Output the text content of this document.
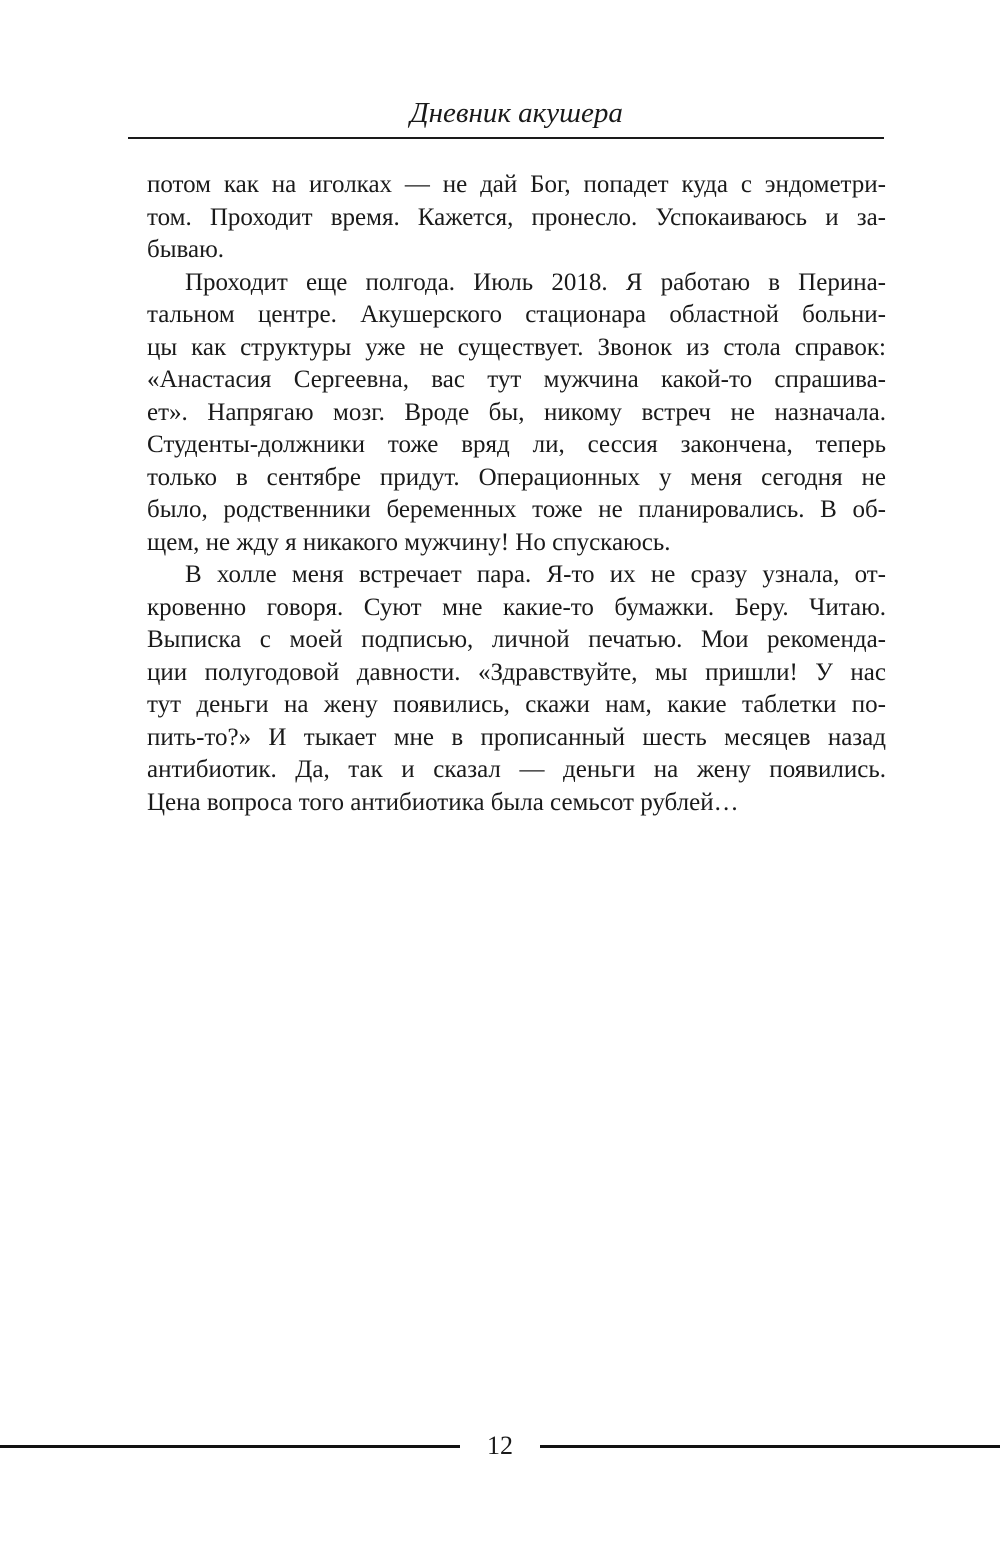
Дневник акушера
потом как на иголках — не дай Бог, попадет куда с эндометри-
том. Проходит время. Кажется, пронесло. Успокаиваюсь и за-
бываю.
Проходит еще полгода. Июль 2018. Я работаю в Перина-
тальном центре. Акушерского стационара областной больни-
цы как структуры уже не существует. Звонок из стола справок:
«Анастасия Сергеевна, вас тут мужчина какой-то спрашива-
ет». Напрягаю мозг. Вроде бы, никому встреч не назначала.
Студенты-должники тоже вряд ли, сессия закончена, теперь
только в сентябре придут. Операционных у меня сегодня не
было, родственники беременных тоже не планировались. В об-
щем, не жду я никакого мужчину! Но спускаюсь.
В холле меня встречает пара. Я-то их не сразу узнала, от-
кровенно говоря. Суют мне какие-то бумажки. Беру. Читаю.
Выписка с моей подписью, личной печатью. Мои рекоменда-
ции полугодовой давности. «Здравствуйте, мы пришли! У нас
тут деньги на жену появились, скажи нам, какие таблетки по-
пить-то?» И тыкает мне в прописанный шесть месяцев назад
антибиотик. Да, так и сказал — деньги на жену появились.
Цена вопроса того антибиотика была семьсот рублей…
12
